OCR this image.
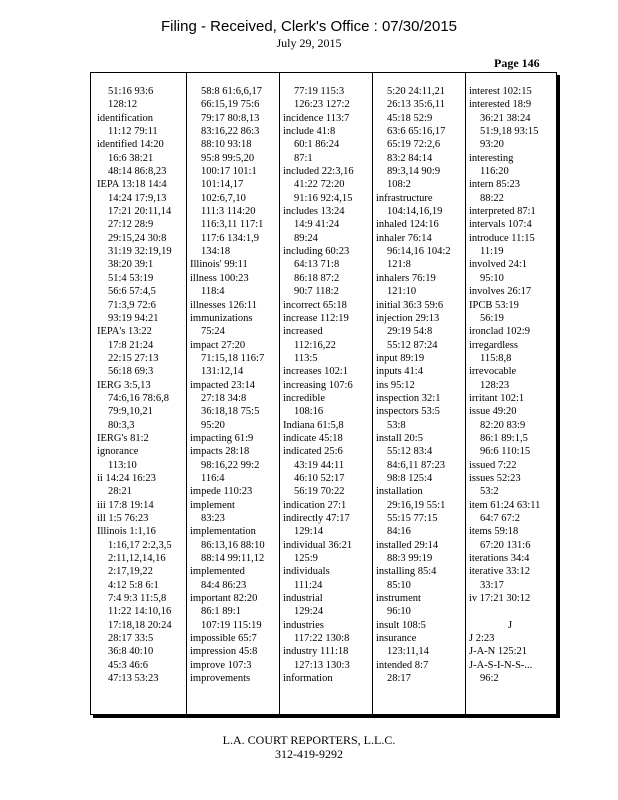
Filing - Received, Clerk's Office : 07/30/2015
July 29, 2015
Page 146
51:16 93:6
128:12
identification
11:12 79:11
identified 14:20
16:6 38:21
48:14 86:8,23
IEPA 13:18 14:4
14:24 17:9,13
17:21 20:11,14
27:12 28:9
29:15,24 30:8
31:19 32:19,19
38:20 39:1
51:4 53:19
56:6 57:4,5
71:3,9 72:6
93:19 94:21
IEPA's 13:22
17:8 21:24
22:15 27:13
56:18 69:3
IERG 3:5,13
74:6,16 78:6,8
79:9,10,21
80:3,3
IERG's 81:2
ignorance
113:10
ii 14:24 16:23
28:21
iii 17:8 19:14
ill 1:5 76:23
Illinois 1:1,16
1:16,17 2:2,3,5
2:11,12,14,16
2:17,19,22
4:12 5:8 6:1
7:4 9:3 11:5,8
11:22 14:10,16
17:18,18 20:24
28:17 33:5
36:8 40:10
45:3 46:6
47:13 53:23
58:8 61:6,6,17
66:15,19 75:6
79:17 80:8,13
83:16,22 86:3
88:10 93:18
95:8 99:5,20
100:17 101:1
101:14,17
102:6,7,10
111:3 114:20
116:3,11 117:1
117:6 134:1,9
134:18
Illinois' 99:11
illness 100:23
118:4
illnesses 126:11
immunizations
75:24
impact 27:20
71:15,18 116:7
131:12,14
impacted 23:14
27:18 34:8
36:18,18 75:5
95:20
impacting 61:9
impacts 28:18
98:16,22 99:2
116:4
impede 110:23
implement
83:23
implementation
86:13,16 88:10
88:14 99:11,12
implemented
84:4 86:23
important 82:20
86:1 89:1
107:19 115:19
impossible 65:7
impression 45:8
improve 107:3
improvements
77:19 115:3
126:23 127:2
incidence 113:7
include 41:8
60:1 86:24
87:1
included 22:3,16
41:22 72:20
91:16 92:4,15
includes 13:24
14:9 41:24
89:24
including 60:23
64:13 71:8
86:18 87:2
90:7 118:2
incorrect 65:18
increase 112:19
increased
112:16,22
113:5
increases 102:1
increasing 107:6
incredible
108:16
Indiana 61:5,8
indicate 45:18
indicated 25:6
43:19 44:11
46:10 52:17
56:19 70:22
indication 27:1
indirectly 47:17
129:14
individual 36:21
125:9
individuals
111:24
industrial
129:24
industries
117:22 130:8
industry 111:18
127:13 130:3
information
5:20 24:11,21
26:13 35:6,11
45:18 52:9
63:6 65:16,17
65:19 72:2,6
83:2 84:14
89:3,14 90:9
108:2
infrastructure
104:14,16,19
inhaled 124:16
inhaler 76:14
96:14,16 104:2
121:8
inhalers 76:19
121:10
initial 36:3 59:6
injection 29:13
29:19 54:8
55:12 87:24
input 89:19
inputs 41:4
ins 95:12
inspection 32:1
inspectors 53:5
53:8
install 20:5
55:12 83:4
84:6,11 87:23
98:8 125:4
installation
29:16,19 55:1
55:15 77:15
84:16
installed 29:14
88:3 99:19
installing 85:4
85:10
instrument
96:10
insult 108:5
insurance
123:11,14
intended 8:7
28:17
interest 102:15
interested 18:9
36:21 38:24
51:9,18 93:15
93:20
interesting
116:20
intern 85:23
88:22
interpreted 87:1
intervals 107:4
introduce 11:15
11:19
involved 24:1
95:10
involves 26:17
IPCB 53:19
56:19
ironclad 102:9
irregardless
115:8,8
irrevocable
128:23
irritant 102:1
issue 49:20
82:20 83:9
86:1 89:1,5
96:6 110:15
issued 7:22
issues 52:23
53:2
item 61:24 63:11
64:7 67:2
items 59:18
67:20 131:6
iterations 34:4
iterative 33:12
33:17
iv 17:21 30:12
J
J 2:23
J-A-N 125:21
J-A-S-I-N-S-...
96:2
L.A. COURT REPORTERS, L.L.C.
312-419-9292
